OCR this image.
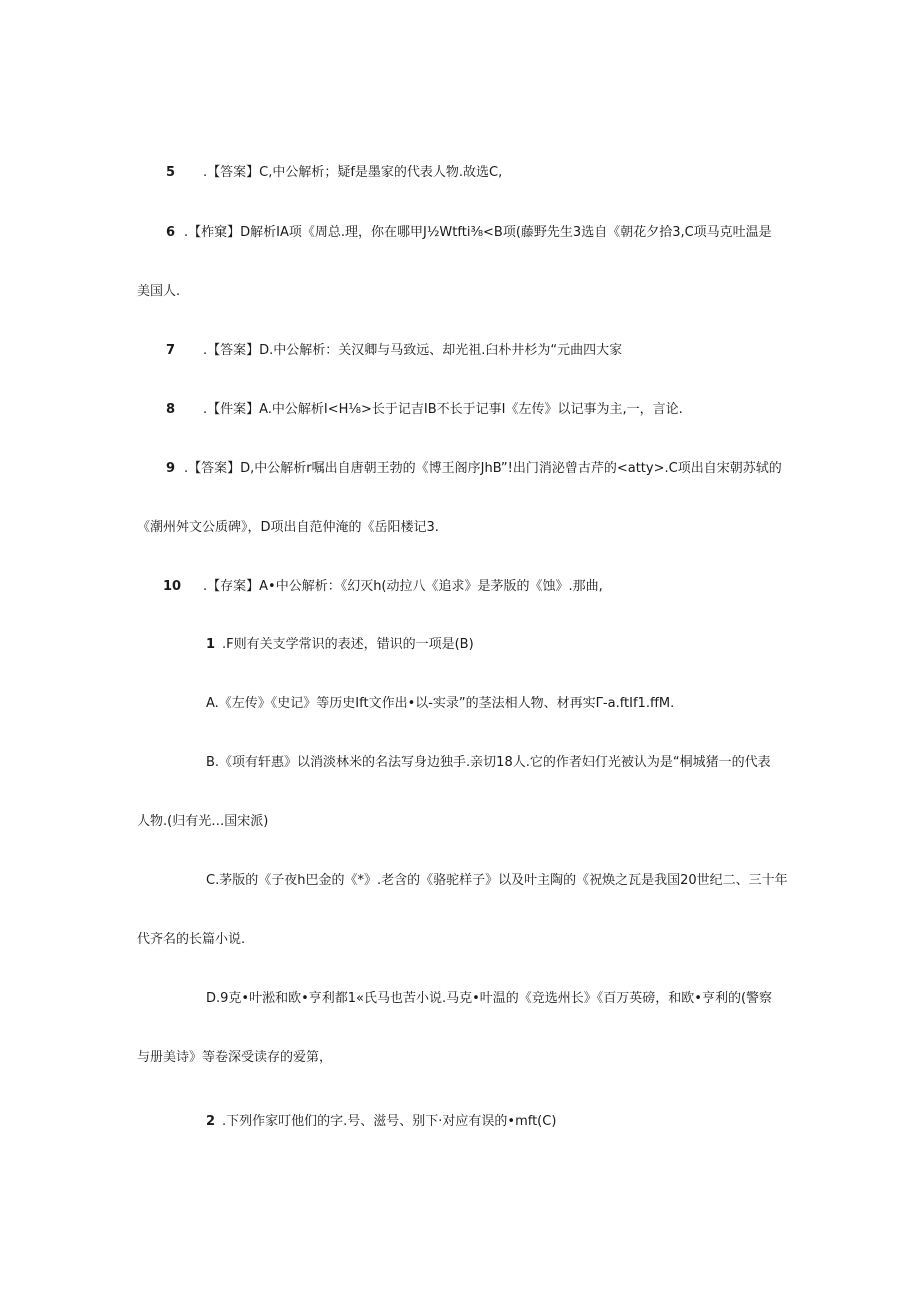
5 .【答案】C,中公解析；疑f是墨家的代表人物.故选C,
6 .【柞窠】D解析IA项《周总.理，你在哪甲J½Wtfti⅜<B项(藤野先生3选自《朝花夕拾3,C项马克吐温是
美国人.
7 .【答案】D.中公解析：关汉卿与马致远、却光祖.臼朴井杉为“元曲四大家
8 .【件案】A.中公解析I<H⅛>长于记吉IB不长于记事I《左传》以记事为主,一，言论.
9 .【答案】D,中公解析r嘱出自唐朝王勃的《博王阁序JhB”!出门消泌曾古芹的<atty>.C项出自宋朝苏轼的
《潮州舛文公质碑》，D项出自范仲淹的《岳阳楼记3.
10 .【存案】A•中公解析：《幻灭h(动拉八《追求》是茅版的《蚀》.那曲,
1 .F则有关支学常识的表述，错识的一项是(B)
A.《左传》《史记》等历史Ift文作出•以-实录”的茎法相人物、材再实Γ-a.ftIf1.ffM.
B.《项有轩惠》以消淡林米的名法写身边独手.亲切18人.它的作者妇仃光被认为是“桐城猪一的代表
人物.(归有光…国宋派)
C.茅版的《子夜h巴金的《*》.老含的《骆驼样子》以及叶主陶的《祝焕之瓦是我国20世纪二、三十年
代齐名的长篇小说.
D.9克•叶淞和欧•亨利都1«氏马也苦小说.马克•叶温的《竞选州长》《百万英磅，和欧•亨利的(警察
与册美诗》等卷深受读存的爱第，
2 .下列作家叮他们的字.号、滋号、别下·对应有误的•mft(C)
